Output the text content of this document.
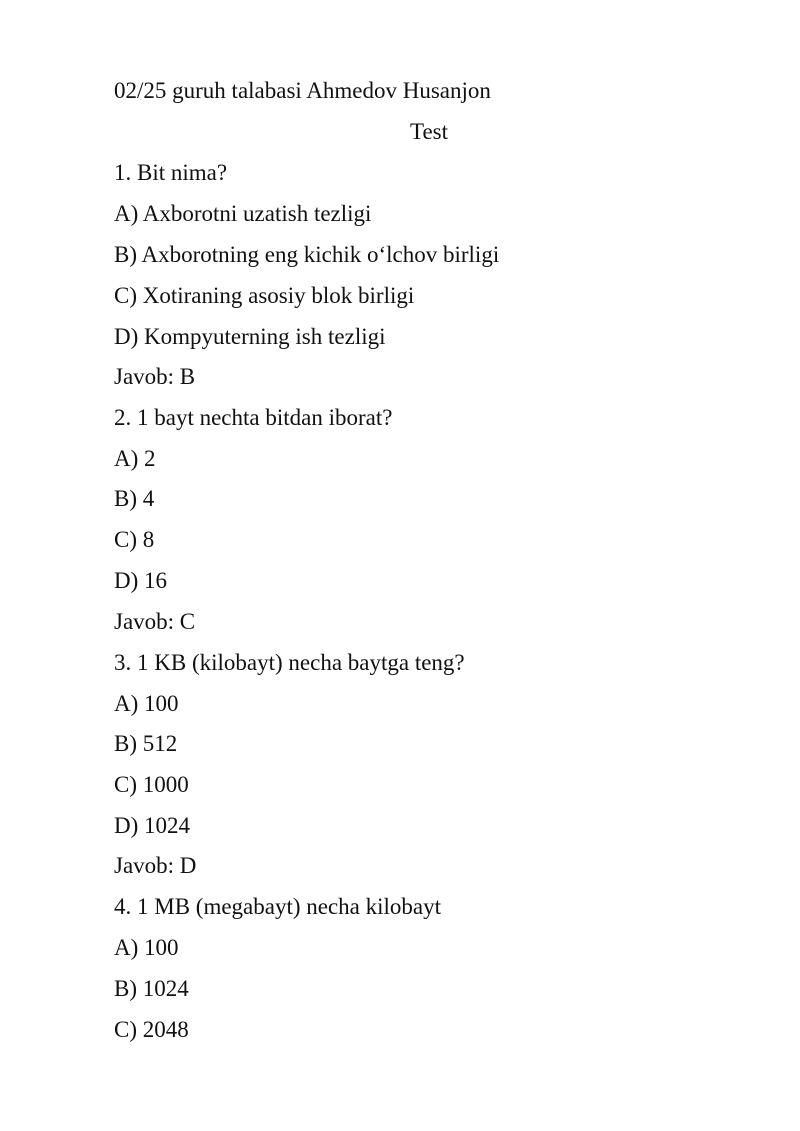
02/25 guruh talabasi Ahmedov Husanjon
Test
1. Bit nima?
A) Axborotni uzatish tezligi
B) Axborotning eng kichik o‘lchov birligi
C) Xotiraning asosiy blok birligi
D) Kompyuterning ish tezligi
Javob: B
2. 1 bayt nechta bitdan iborat?
A) 2
B) 4
C) 8
D) 16
Javob: C
3. 1 KB (kilobayt) necha baytga teng?
A) 100
B) 512
C) 1000
D) 1024
Javob: D
4. 1 MB (megabayt) necha kilobayt
A) 100
B) 1024
C) 2048
